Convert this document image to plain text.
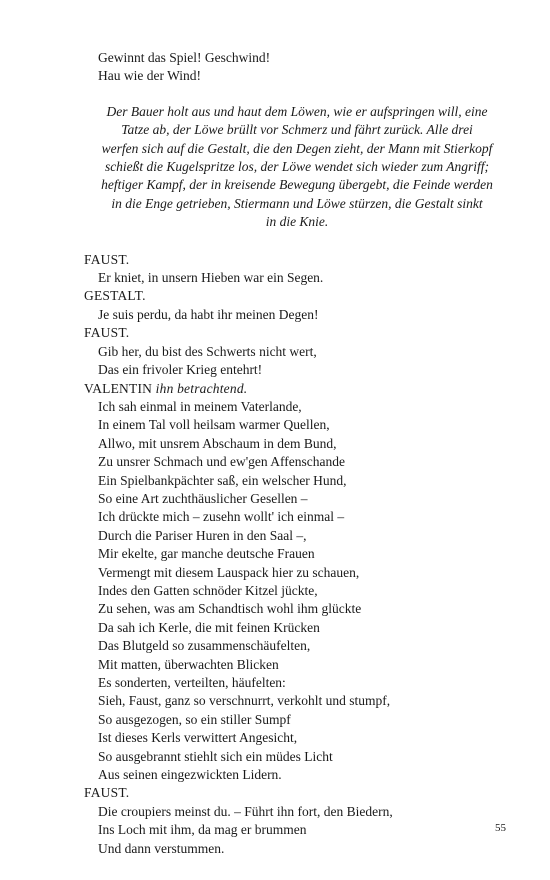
Gewinnt das Spiel! Geschwind!
Hau wie der Wind!
Der Bauer holt aus und haut dem Löwen, wie er aufspringen will, eine
Tatze ab, der Löwe brüllt vor Schmerz und fährt zurück. Alle drei
werfen sich auf die Gestalt, die den Degen zieht, der Mann mit Stierkopf
schießt die Kugelspritze los, der Löwe wendet sich wieder zum Angriff;
heftiger Kampf, der in kreisende Bewegung übergebt, die Feinde werden
in die Enge getrieben, Stiermann und Löwe stürzen, die Gestalt sinkt
in die Knie.
FAUST.
Er kniet, in unsern Hieben war ein Segen.
GESTALT.
Je suis perdu, da habt ihr meinen Degen!
FAUST.
Gib her, du bist des Schwerts nicht wert,
Das ein frivoler Krieg entehrt!
VALENTIN ihn betrachtend.
Ich sah einmal in meinem Vaterlande,
In einem Tal voll heilsam warmer Quellen,
Allwo, mit unsrem Abschaum in dem Bund,
Zu unsrer Schmach und ew'gen Affenschande
Ein Spielbankpächter saß, ein welscher Hund,
So eine Art zuchthäuslicher Gesellen –
Ich drückte mich – zusehn wollt' ich einmal –
Durch die Pariser Huren in den Saal –,
Mir ekelte, gar manche deutsche Frauen
Vermengt mit diesem Lauspack hier zu schauen,
Indes den Gatten schnöder Kitzel jückte,
Zu sehen, was am Schandtisch wohl ihm glückte
Da sah ich Kerle, die mit feinen Krücken
Das Blutgeld so zusammenschäufelten,
Mit matten, überwachten Blicken
Es sonderten, verteilten, häufelten:
Sieh, Faust, ganz so verschnurrt, verkohlt und stumpf,
So ausgezogen, so ein stiller Sumpf
Ist dieses Kerls verwittert Angesicht,
So ausgebrannt stiehlt sich ein müdes Licht
Aus seinen eingezwickten Lidern.
FAUST.
Die croupiers meinst du. – Führt ihn fort, den Biedern,
Ins Loch mit ihm, da mag er brummen
Und dann verstummen.
55
